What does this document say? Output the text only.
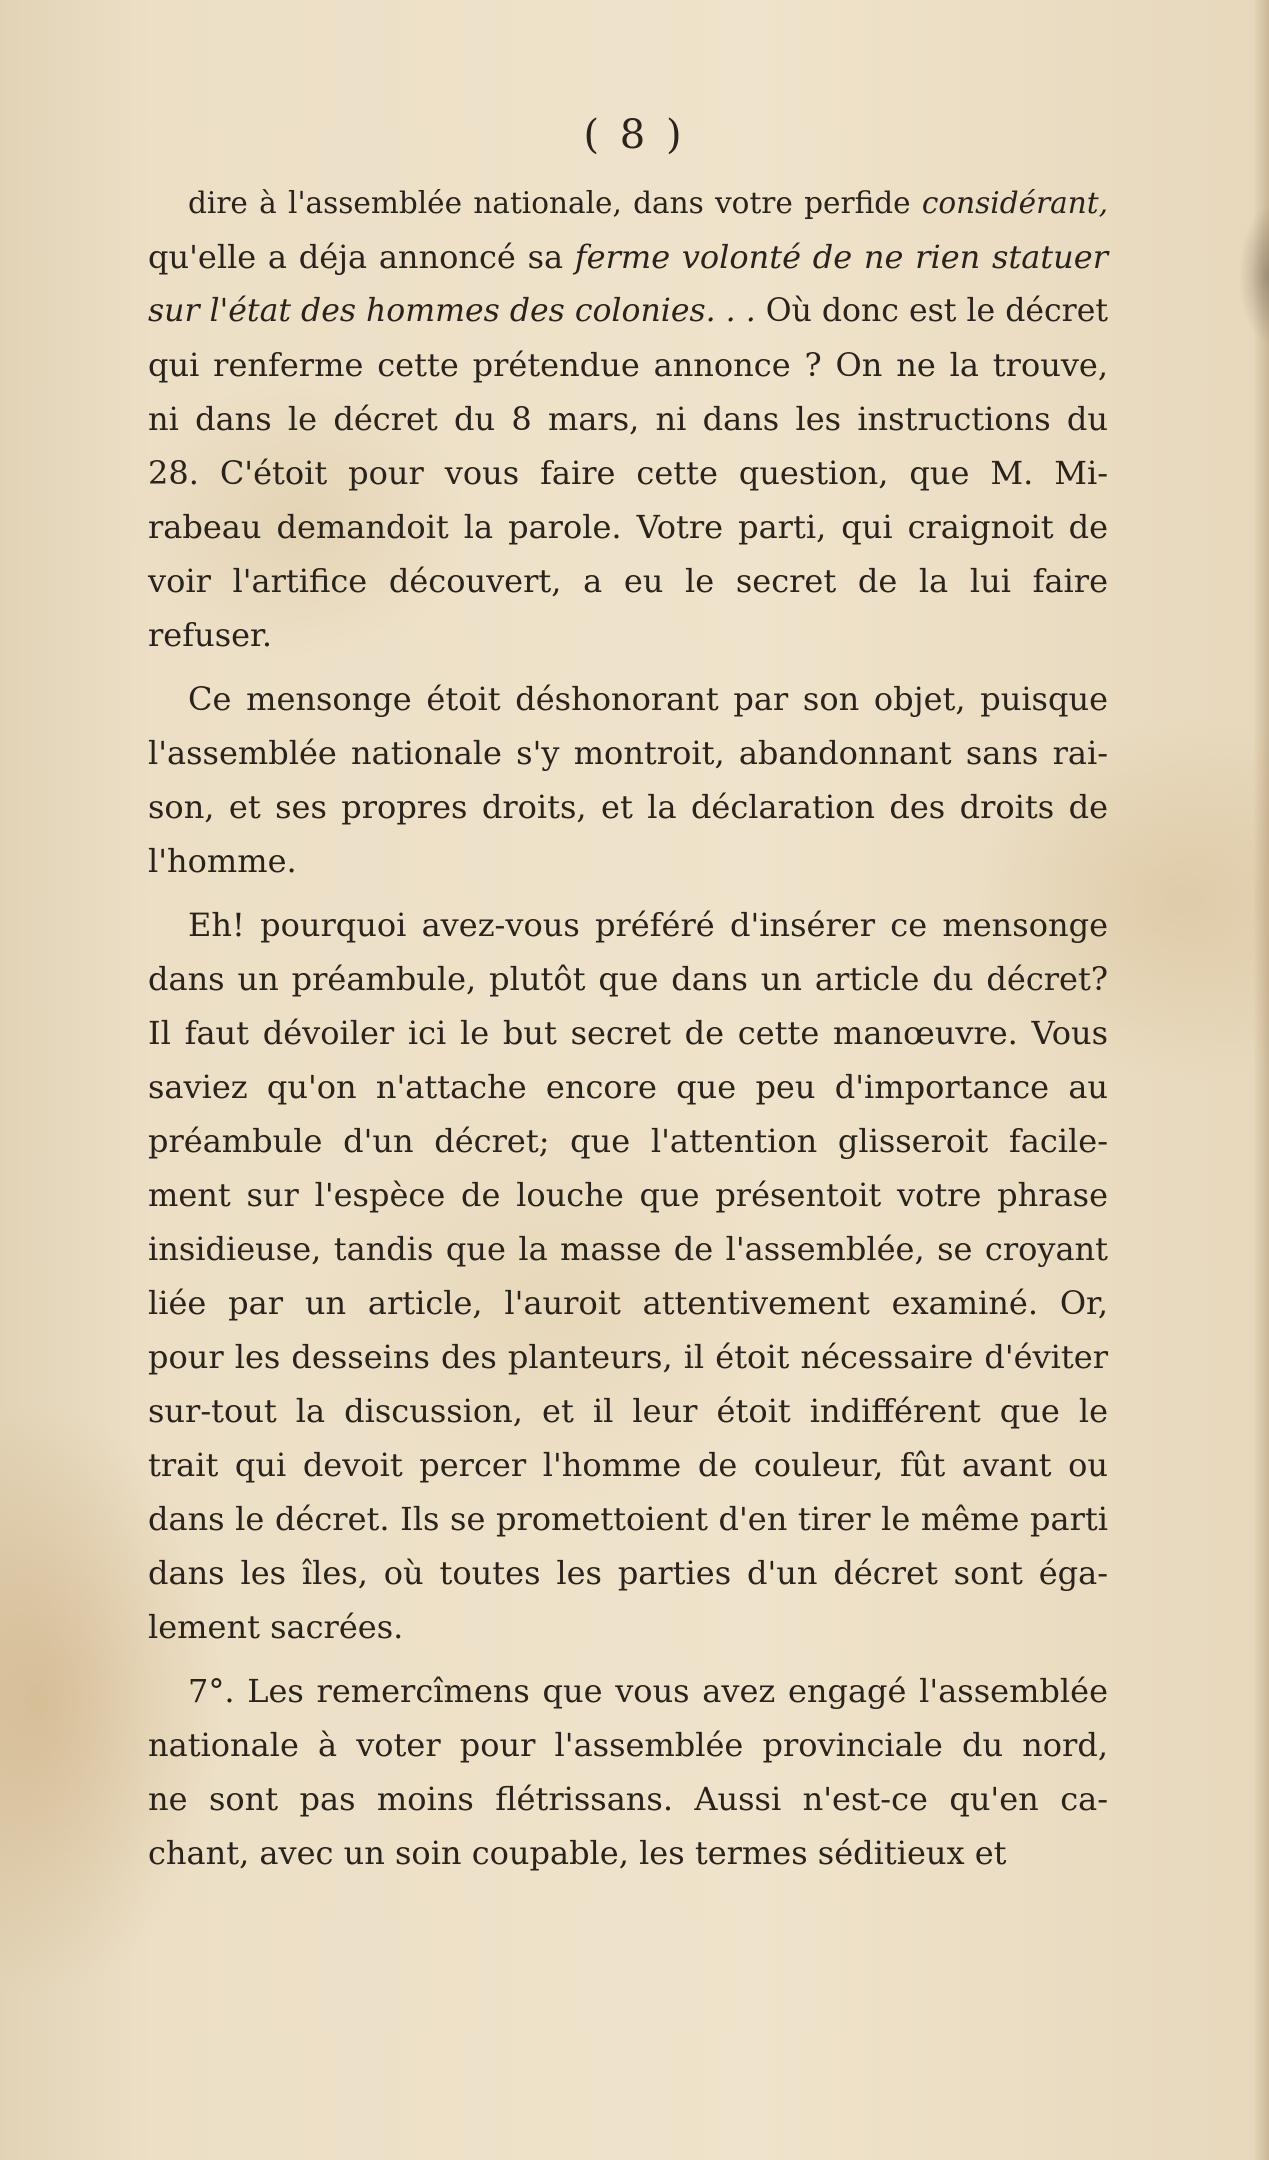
( 8 )
dire à l'assemblée nationale, dans votre perfide considérant,
qu'elle a déja annoncé sa ferme volonté de ne rien statuer
sur l'état des hommes des colonies. . . Où donc est le décret
qui renferme cette prétendue annonce ? On ne la trouve,
ni dans le décret du 8 mars, ni dans les instructions du
28. C'étoit pour vous faire cette question, que M. Mi-
rabeau demandoit la parole. Votre parti, qui craignoit de
voir l'artifice découvert, a eu le secret de la lui faire
refuser.
Ce mensonge étoit déshonorant par son objet, puisque
l'assemblée nationale s'y montroit, abandonnant sans rai-
son, et ses propres droits, et la déclaration des droits de
l'homme.
Eh! pourquoi avez-vous préféré d'insérer ce mensonge
dans un préambule, plutôt que dans un article du décret?
Il faut dévoiler ici le but secret de cette manœuvre. Vous
saviez qu'on n'attache encore que peu d'importance au
préambule d'un décret; que l'attention glisseroit facile-
ment sur l'espèce de louche que présentoit votre phrase
insidieuse, tandis que la masse de l'assemblée, se croyant
liée par un article, l'auroit attentivement examiné. Or,
pour les desseins des planteurs, il étoit nécessaire d'éviter
sur-tout la discussion, et il leur étoit indifférent que le
trait qui devoit percer l'homme de couleur, fût avant ou
dans le décret. Ils se promettoient d'en tirer le même parti
dans les îles, où toutes les parties d'un décret sont éga-
lement sacrées.
7°. Les remercîmens que vous avez engagé l'assemblée
nationale à voter pour l'assemblée provinciale du nord,
ne sont pas moins flétrissans. Aussi n'est-ce qu'en ca-
chant, avec un soin coupable, les termes séditieux et
